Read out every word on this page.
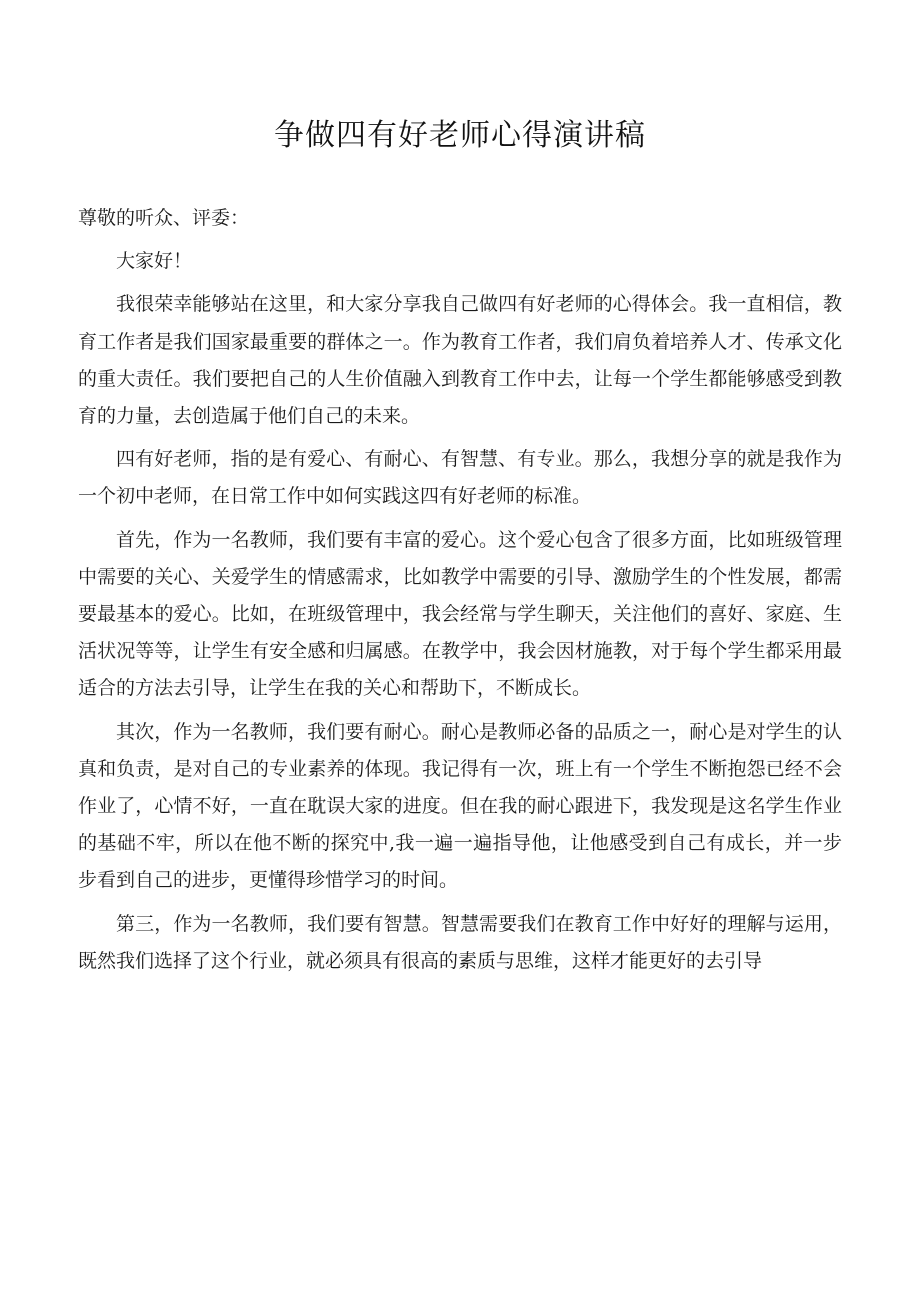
争做四有好老师心得演讲稿

尊敬的听众、评委：

大家好！

我很荣幸能够站在这里，和大家分享我自己做四有好老师的心得体会。我一直相信，教育工作者是我们国家最重要的群体之一。作为教育工作者，我们肩负着培养人才、传承文化的重大责任。我们要把自己的人生价值融入到教育工作中去，让每一个学生都能够感受到教育的力量，去创造属于他们自己的未来。

四有好老师，指的是有爱心、有耐心、有智慧、有专业。那么，我想分享的就是我作为一个初中老师，在日常工作中如何实践这四有好老师的标准。

首先，作为一名教师，我们要有丰富的爱心。这个爱心包含了很多方面，比如班级管理中需要的关心、关爱学生的情感需求，比如教学中需要的引导、激励学生的个性发展，都需要最基本的爱心。比如，在班级管理中，我会经常与学生聊天，关注他们的喜好、家庭、生活状况等等，让学生有安全感和归属感。在教学中，我会因材施教，对于每个学生都采用最适合的方法去引导，让学生在我的关心和帮助下，不断成长。

其次，作为一名教师，我们要有耐心。耐心是教师必备的品质之一，耐心是对学生的认真和负责，是对自己的专业素养的体现。我记得有一次，班上有一个学生不断抱怨已经不会作业了，心情不好，一直在耽误大家的进度。但在我的耐心跟进下，我发现是这名学生作业的基础不牢，所以在他不断的探究中,我一遍一遍指导他，让他感受到自己有成长，并一步步看到自己的进步，更懂得珍惜学习的时间。

第三，作为一名教师，我们要有智慧。智慧需要我们在教育工作中好好的理解与运用，既然我们选择了这个行业，就必须具有很高的素质与思维，这样才能更好的去引导
